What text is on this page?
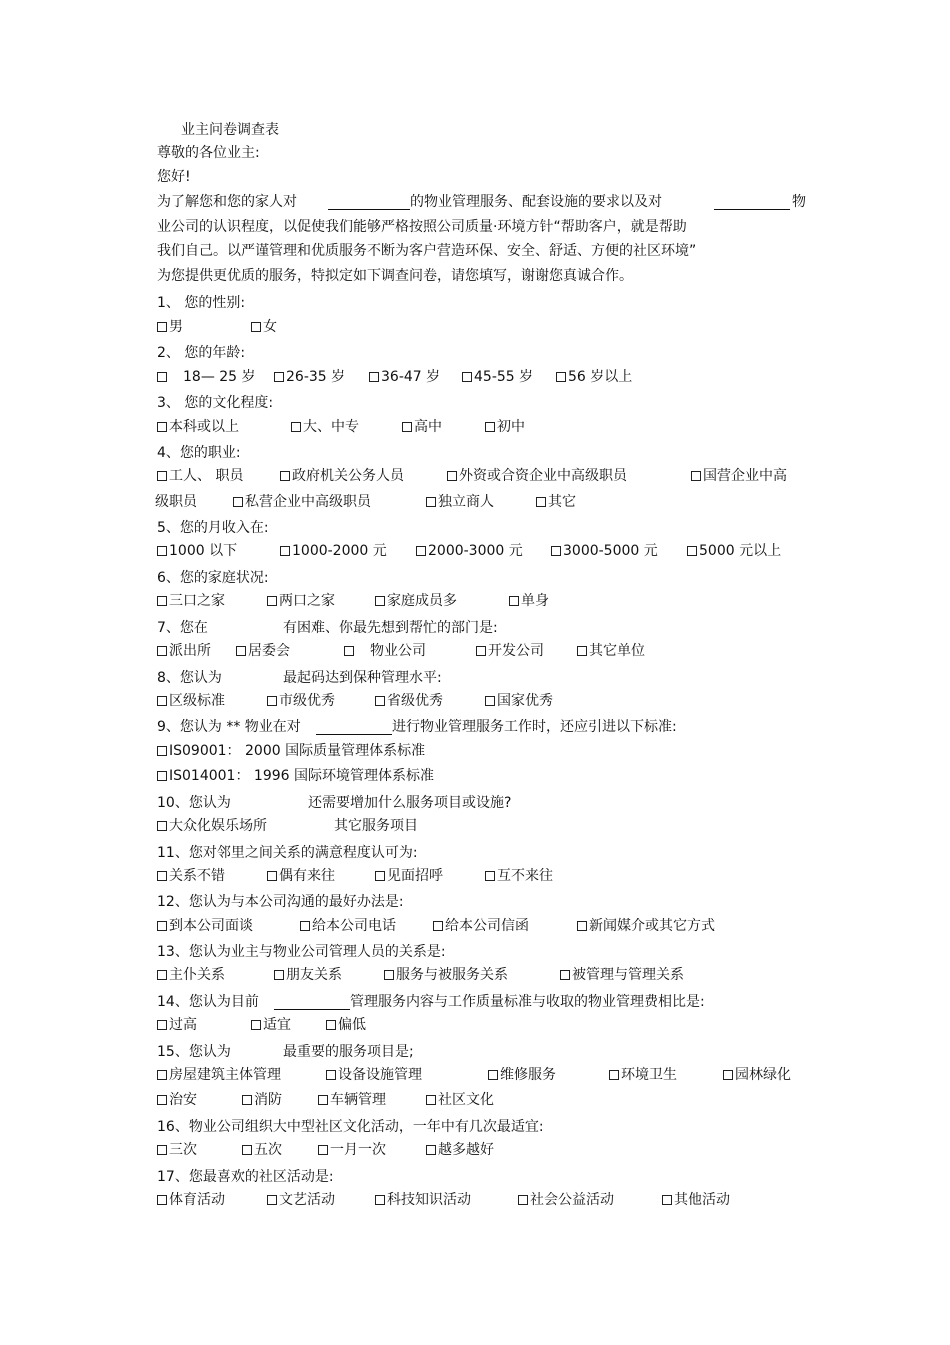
业主问卷调查表
尊敬的各位业主:
您好!
为了解您和您的家人对	的物业管理服务、配套设施的要求以及对	物
业公司的认识程度，以促使我们能够严格按照公司质量·环境方针“帮助客户，就是帮助
我们自己。以严谨管理和优质服务不断为客户营造环保、安全、舒适、方便的社区环境”
为您提供更优质的服务，特拟定如下调查问卷，请您填写，谢谢您真诚合作。
1、 您的性别:
男	女
2、 您的年龄:
18— 25 岁	26-35 岁	36-47 岁	45-55 岁	56 岁以上
3、 您的文化程度:
本科或以上	大、中专	高中	初中
4、您的职业:
工人、 职员	政府机关公务人员	外资或合资企业中高级职员	国营企业中高
级职员	私营企业中高级职员	独立商人	其它
5、您的月收入在:
1000 以下	1000-2000 元	2000-3000 元	3000-5000 元	5000 元以上
6、您的家庭状况:
三口之家	两口之家	家庭成员多	单身
7、您在	有困难、你最先想到帮忙的部门是:
派出所	居委会	物业公司	开发公司	其它单位
8、您认为	最起码达到保种管理水平:
区级标准	市级优秀	省级优秀	国家优秀
9、您认为 ** 物业在对	进行物业管理服务工作时，还应引进以下标准:
IS09001： 2000 国际质量管理体系标准
IS014001： 1996 国际环境管理体系标准
10、您认为	还需要增加什么服务项目或设施?
大众化娱乐场所	其它服务项目
11、您对邻里之间关系的满意程度认可为:
关系不错	偶有来往	见面招呼	互不来往
12、您认为与本公司沟通的最好办法是:
到本公司面谈	给本公司电话	给本公司信函	新闻媒介或其它方式
13、您认为业主与物业公司管理人员的关系是:
主仆关系	朋友关系	服务与被服务关系	被管理与管理关系
14、您认为目前	管理服务内容与工作质量标准与收取的物业管理费相比是:
过高	适宜	偏低
15、您认为	最重要的服务项目是;
房屋建筑主体管理	设备设施管理	维修服务	环境卫生	园林绿化
治安	消防	车辆管理	社区文化
16、物业公司组织大中型社区文化活动，一年中有几次最适宜:
三次	五次	一月一次	越多越好
17、您最喜欢的社区活动是:
体育活动	文艺活动	科技知识活动	社会公益活动	其他活动
